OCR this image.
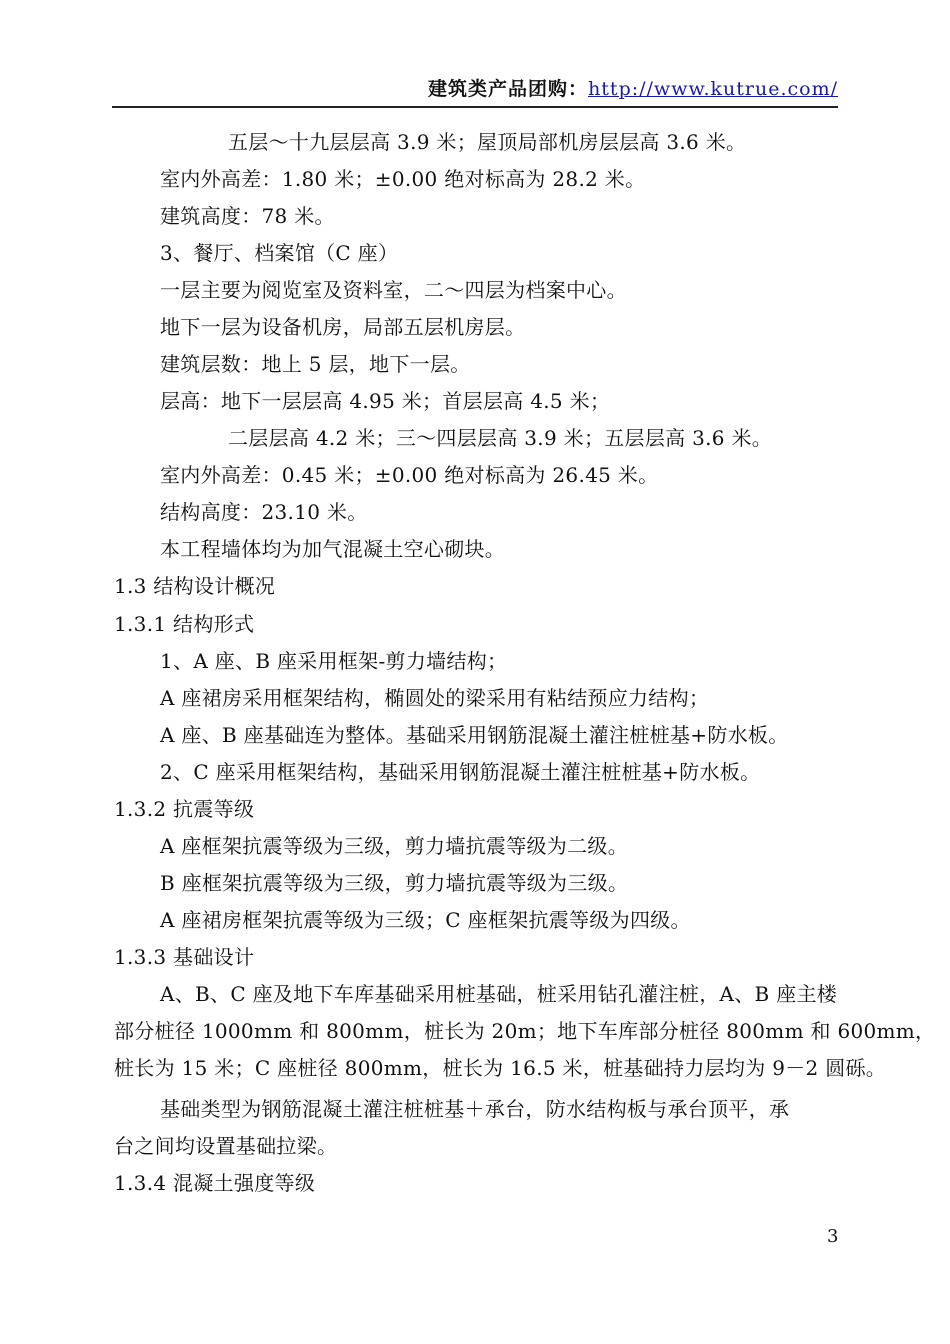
建筑类产品团购：http://www.kutrue.com/
五层～十九层层高 3.9 米；屋顶局部机房层层高 3.6 米。
室内外高差：1.80 米；±0.00 绝对标高为 28.2 米。
建筑高度：78 米。
3、餐厅、档案馆（C 座）
一层主要为阅览室及资料室，二～四层为档案中心。
地下一层为设备机房，局部五层机房层。
建筑层数：地上 5 层，地下一层。
层高：地下一层层高 4.95 米；首层层高 4.5 米；
二层层高 4.2 米；三～四层层高 3.9 米；五层层高 3.6 米。
室内外高差：0.45 米；±0.00 绝对标高为 26.45 米。
结构高度：23.10 米。
本工程墙体均为加气混凝土空心砌块。
1.3 结构设计概况
1.3.1 结构形式
1、A 座、B 座采用框架-剪力墙结构；
A 座裙房采用框架结构，椭圆处的梁采用有粘结预应力结构；
A 座、B 座基础连为整体。基础采用钢筋混凝土灌注桩桩基+防水板。
2、C 座采用框架结构，基础采用钢筋混凝土灌注桩桩基+防水板。
1.3.2 抗震等级
A 座框架抗震等级为三级，剪力墙抗震等级为二级。
B 座框架抗震等级为三级，剪力墙抗震等级为三级。
A 座裙房框架抗震等级为三级；C 座框架抗震等级为四级。
1.3.3 基础设计
A、B、C 座及地下车库基础采用桩基础，桩采用钻孔灌注桩，A、B 座主楼
部分桩径 1000mm 和 800mm，桩长为 20m；地下车库部分桩径 800mm 和 600mm，
桩长为 15 米；C 座桩径 800mm，桩长为 16.5 米，桩基础持力层均为 9－2 圆砾。
基础类型为钢筋混凝土灌注桩桩基＋承台，防水结构板与承台顶平，承
台之间均设置基础拉梁。
1.3.4 混凝土强度等级
3
